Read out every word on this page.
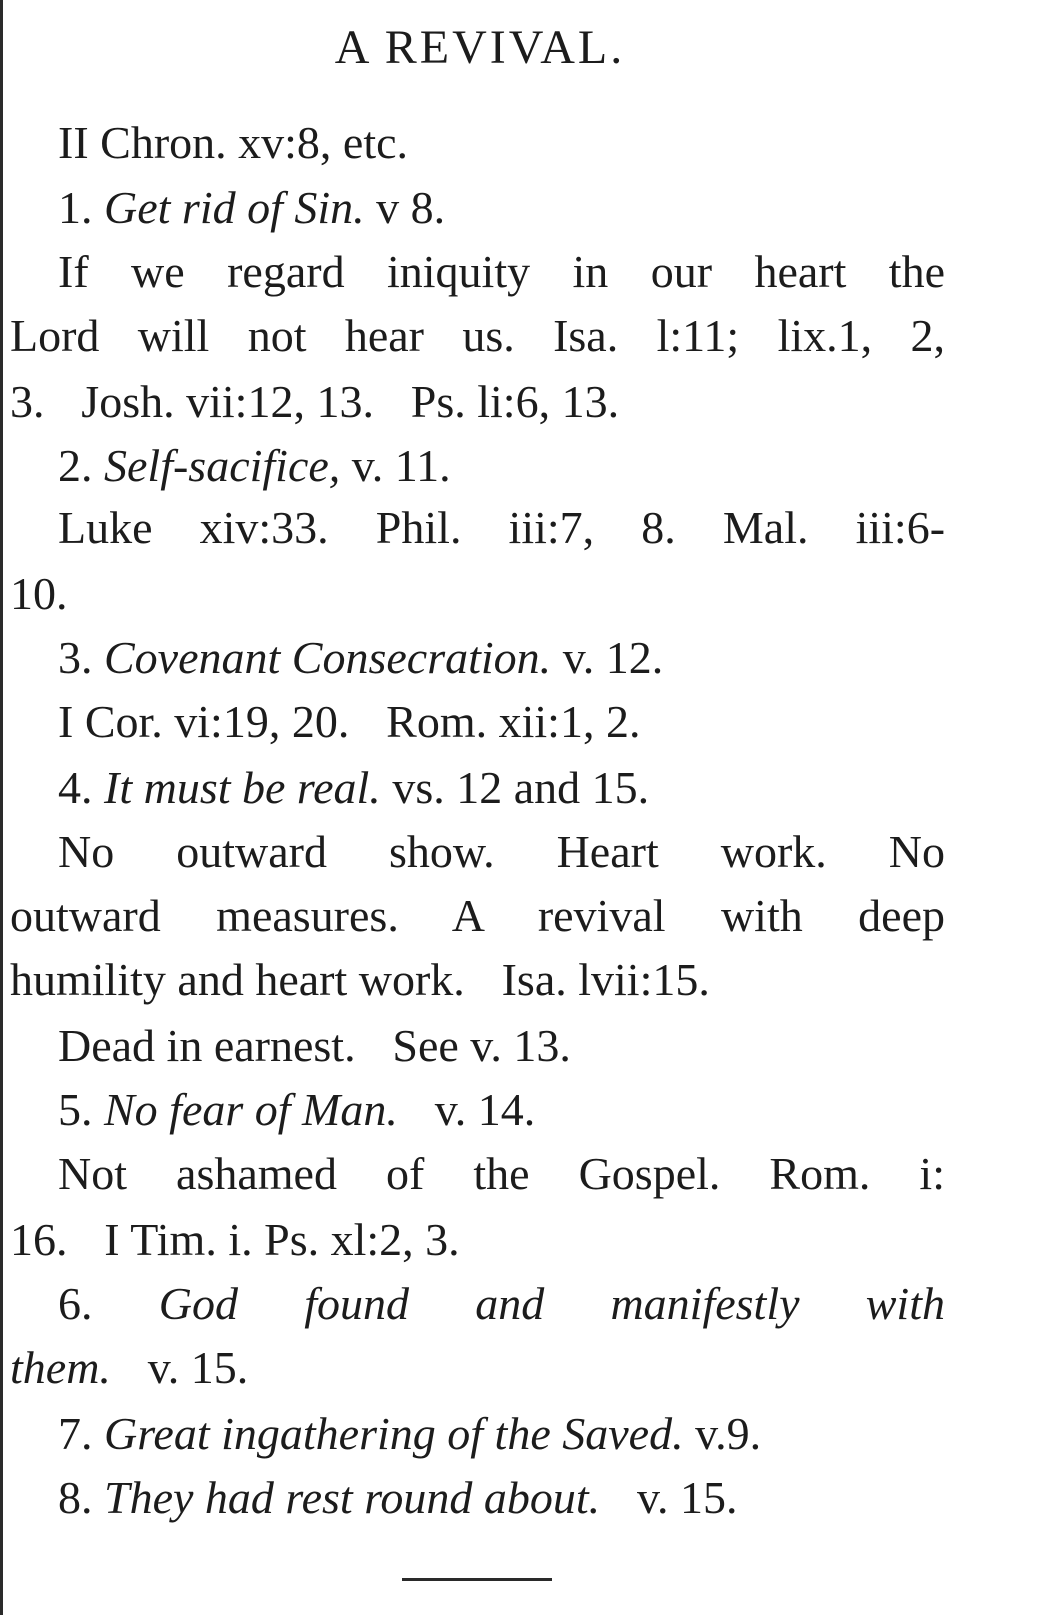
A REVIVAL.
II Chron. xv:8, etc.
1. Get rid of Sin. v 8.
If we regard iniquity in our heart the
Lord will not hear us. Isa. l:11; lix.1, 2,
3. Josh. vii:12, 13. Ps. li:6, 13.
2. Self-sacifice, v. 11.
Luke xiv:33. Phil. iii:7, 8. Mal. iii:6-
10.
3. Covenant Consecration. v. 12.
I Cor. vi:19, 20. Rom. xii:1, 2.
4. It must be real. vs. 12 and 15.
No outward show. Heart work. No
outward measures. A revival with deep
humility and heart work. Isa. lvii:15.
Dead in earnest. See v. 13.
5. No fear of Man. v. 14.
Not ashamed of the Gospel. Rom. i:
16. I Tim. i. Ps. xl:2, 3.
6. God found and manifestly with
them. v. 15.
7. Great ingathering of the Saved. v.9.
8. They had rest round about. v. 15.
